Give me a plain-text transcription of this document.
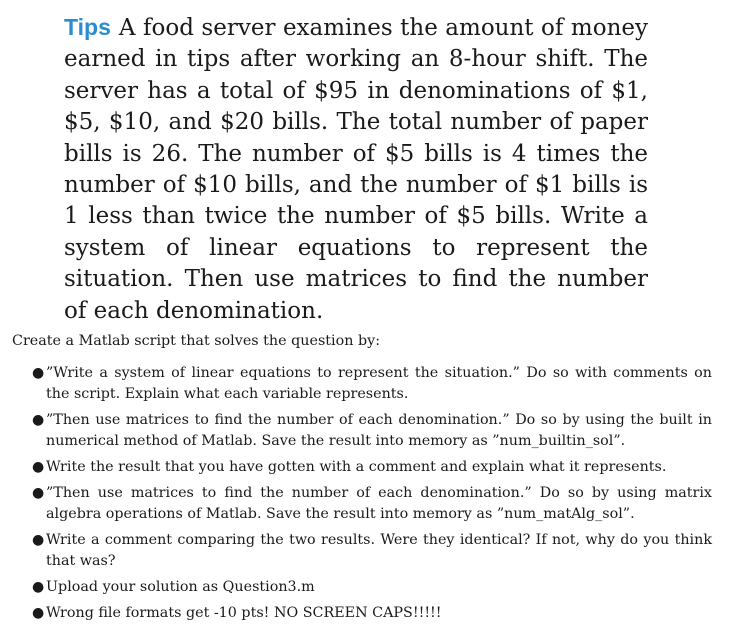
Tips A food server examines the amount of money earned in tips after working an 8-hour shift. The server has a total of $95 in denominations of $1, $5, $10, and $20 bills. The total number of paper bills is 26. The number of $5 bills is 4 times the number of $10 bills, and the number of $1 bills is 1 less than twice the number of $5 bills. Write a system of linear equations to represent the situation. Then use matrices to find the number of each denomination.

Create a Matlab script that solves the question by:

● ”Write a system of linear equations to represent the situation.” Do so with comments on the script. Explain what each variable represents.
● ”Then use matrices to find the number of each denomination.” Do so by using the built in numerical method of Matlab. Save the result into memory as ”num_builtin_sol”.
● Write the result that you have gotten with a comment and explain what it represents.
● ”Then use matrices to find the number of each denomination.” Do so by using matrix algebra operations of Matlab. Save the result into memory as ”num_matAlg_sol”.
● Write a comment comparing the two results. Were they identical? If not, why do you think that was?
● Upload your solution as Question3.m
● Wrong file formats get -10 pts! NO SCREEN CAPS!!!!!
